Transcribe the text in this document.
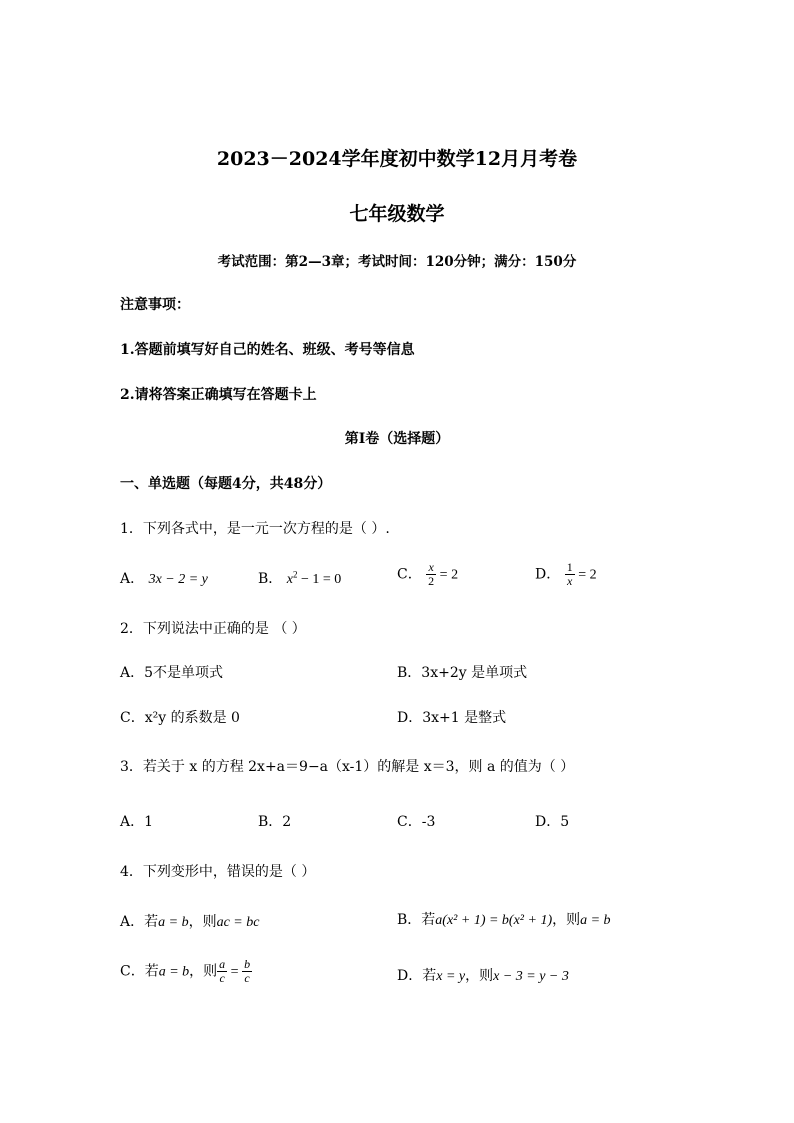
2023－2024学年度初中数学12月月考卷
七年级数学
考试范围：第2—3章；考试时间：120分钟；满分：150分
注意事项：
1.答题前填写好自己的姓名、班级、考号等信息
2.请将答案正确填写在答题卡上
第I卷（选择题）
一、单选题（每题4分，共48分）
1．下列各式中，是一元一次方程的是（ ）.
A． 3x − 2 = y	B． $x^2 - 1 = 0$	C． $\frac{x}{2} = 2$	D． $\frac{1}{x} = 2$
2．下列说法中正确的是 （ ）
A．5不是单项式	B．3x+2y 是单项式
C．x²y 的系数是 0	D．3x+1 是整式
3．若关于 x 的方程 2x+a＝9−a（x-1）的解是 x＝3，则 a 的值为（ ）
A．1	B．2	C．-3	D．5
4．下列变形中，错误的是（ ）
A．若a = b，则ac = bc	B．若a(x² + 1) = b(x² + 1)，则a = b
C．若a = b，则 $\frac{a}{c} = \frac{b}{c}$	D．若x = y，则x − 3 = y − 3
